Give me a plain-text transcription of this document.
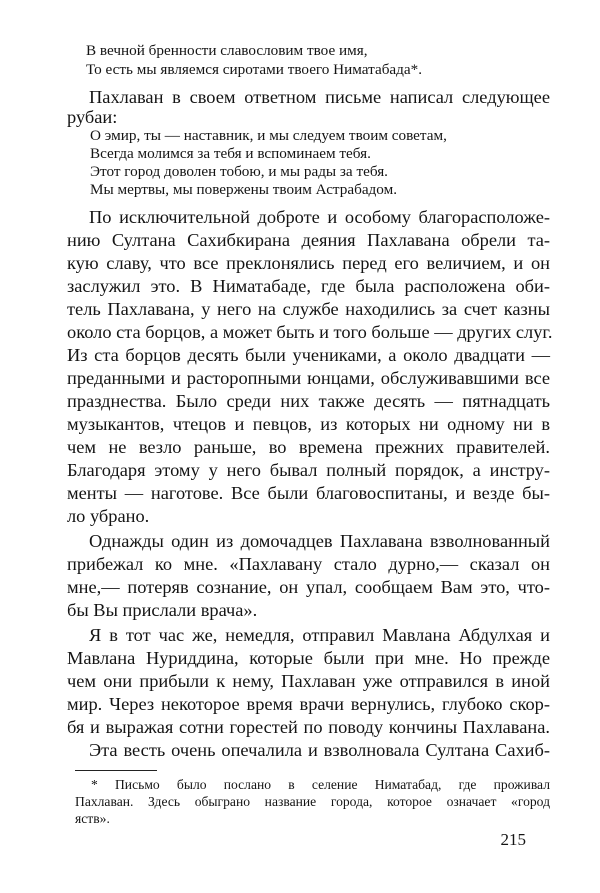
В вечной бренности славословим твое имя,
То есть мы являемся сиротами твоего Ниматабада*.
Пахлаван в своем ответном письме написал следующее
рубаи:
О эмир, ты — наставник, и мы следуем твоим советам,
Всегда молимся за тебя и вспоминаем тебя.
Этот город доволен тобою, и мы рады за тебя.
Мы мертвы, мы повержены твоим Астрабадом.
По исключительной доброте и особому благорасположе-
нию Султана Сахибкирана деяния Пахлавана обрели та-
кую славу, что все преклонялись перед его величием, и он
заслужил это. В Ниматабаде, где была расположена оби-
тель Пахлавана, у него на службе находились за счет казны
около ста борцов, а может быть и того больше — других слуг.
Из ста борцов десять были учениками, а около двадцати —
преданными и расторопными юнцами, обслуживавшими все
празднества. Было среди них также десять — пятнадцать
музыкантов, чтецов и певцов, из которых ни одному ни в
чем не везло раньше, во времена прежних правителей.
Благодаря этому у него бывал полный порядок, а инстру-
менты — наготове. Все были благовоспитаны, и везде бы-
ло убрано.
Однажды один из домочадцев Пахлавана взволнованный
прибежал ко мне. «Пахлавану стало дурно,— сказал он
мне,— потеряв сознание, он упал, сообщаем Вам это, что-
бы Вы прислали врача».
Я в тот час же, немедля, отправил Мавлана Абдулхая и
Мавлана Нуриддина, которые были при мне. Но прежде
чем они прибыли к нему, Пахлаван уже отправился в иной
мир. Через некоторое время врачи вернулись, глубоко скор-
бя и выражая сотни горестей по поводу кончины Пахлавана.
Эта весть очень опечалила и взволновала Султана Сахиб-
* Письмо было послано в селение Ниматабад, где проживал
Пахлаван. Здесь обыграно название города, которое означает «город
яств».
215
